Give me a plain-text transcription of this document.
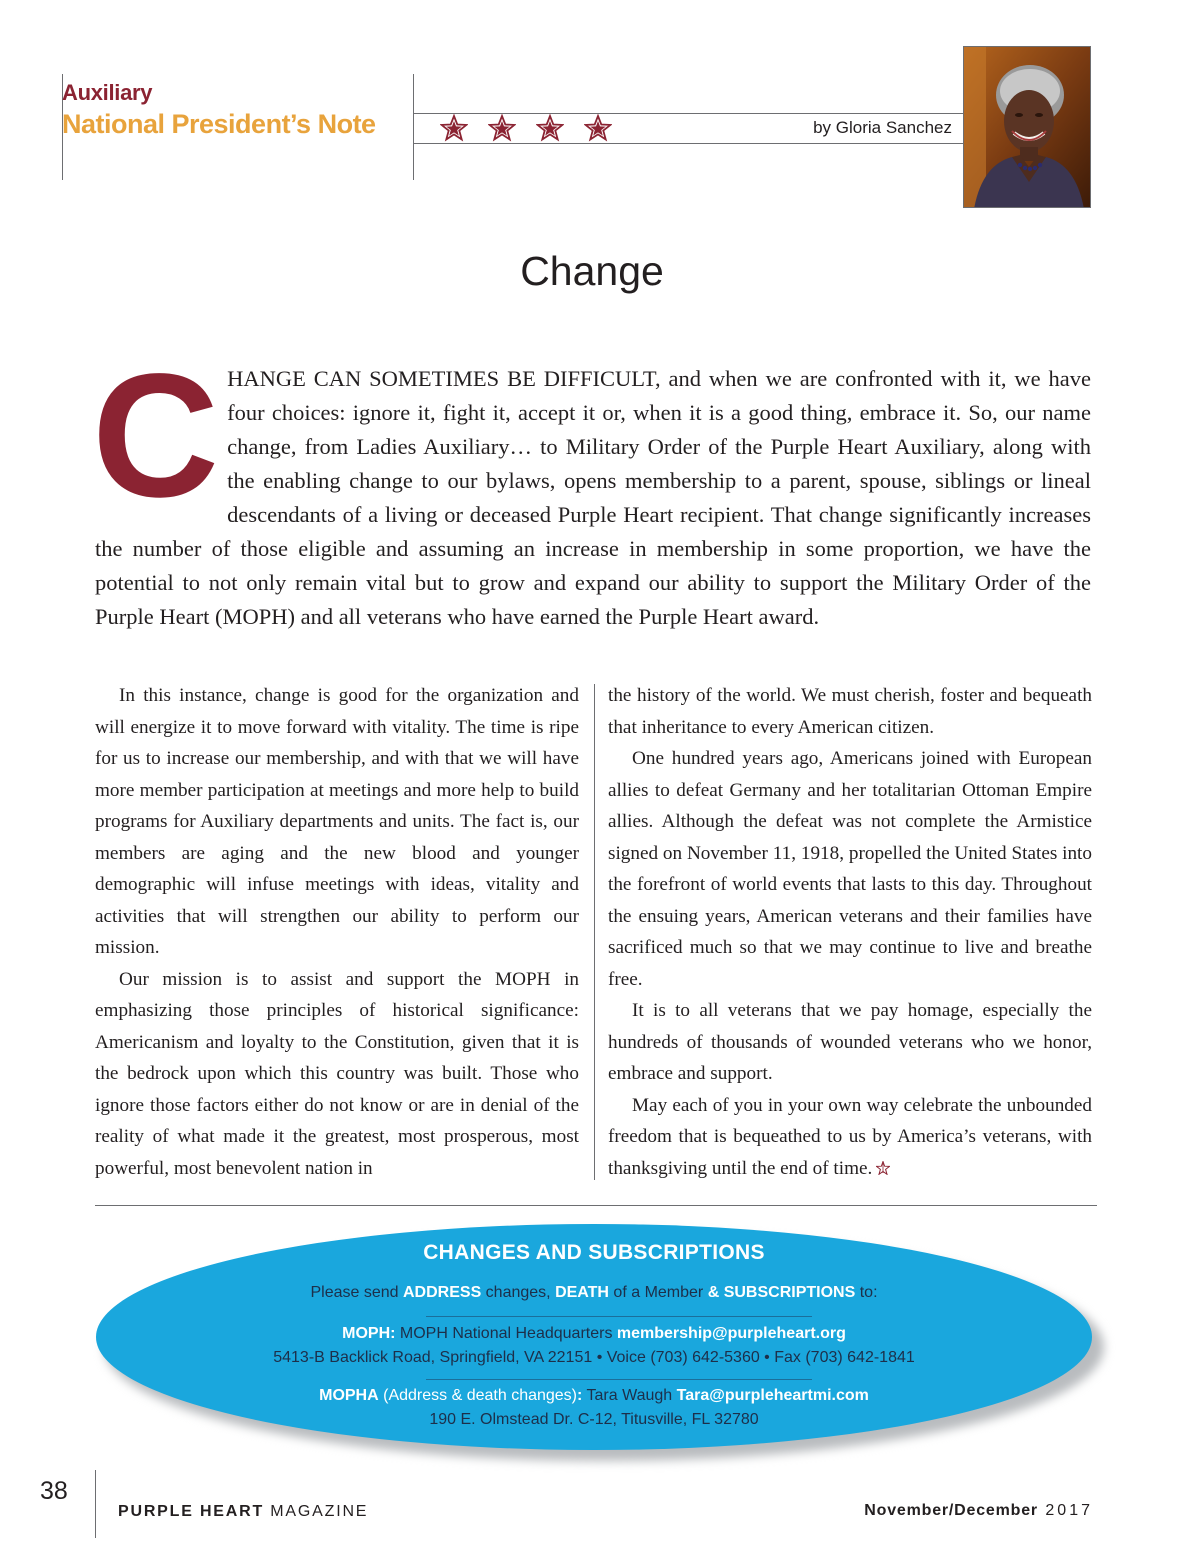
Auxiliary
National President’s Note	by Gloria Sanchez
Change
CHANGE CAN SOMETIMES BE DIFFICULT, and when we are confronted with it, we have four choices: ignore it, fight it, accept it or, when it is a good thing, embrace it. So, our name change, from Ladies Auxiliary… to Military Order of the Purple Heart Auxiliary, along with the enabling change to our bylaws, opens membership to a parent, spouse, siblings or lineal descendants of a living or deceased Purple Heart recipient. That change significantly increases the number of those eligible and assuming an increase in membership in some proportion, we have the potential to not only remain vital but to grow and expand our ability to support the Military Order of the Purple Heart (MOPH) and all veterans who have earned the Purple Heart award.

In this instance, change is good for the organization and will energize it to move forward with vitality. The time is ripe for us to increase our membership, and with that we will have more member participation at meetings and more help to build programs for Auxiliary departments and units. The fact is, our members are aging and the new blood and younger demographic will infuse meetings with ideas, vitality and activities that will strengthen our ability to perform our mission.

Our mission is to assist and support the MOPH in emphasizing those principles of historical significance: Americanism and loyalty to the Constitution, given that it is the bedrock upon which this country was built. Those who ignore those factors either do not know or are in denial of the reality of what made it the greatest, most prosperous, most powerful, most benevolent nation in

the history of the world. We must cherish, foster and bequeath that inheritance to every American citizen.

One hundred years ago, Americans joined with European allies to defeat Germany and her totalitarian Ottoman Empire allies. Although the defeat was not complete the Armistice signed on November 11, 1918, propelled the United States into the forefront of world events that lasts to this day. Throughout the ensuing years, American veterans and their families have sacrificed much so that we may continue to live and breathe free.

It is to all veterans that we pay homage, especially the hundreds of thousands of wounded veterans who we honor, embrace and support.

May each of you in your own way celebrate the unbounded freedom that is bequeathed to us by America’s veterans, with thanksgiving until the end of time.

CHANGES AND SUBSCRIPTIONS
Please send ADDRESS changes, DEATH of a Member & SUBSCRIPTIONS to:
MOPH: MOPH National Headquarters membership@purpleheart.org
5413-B Backlick Road, Springfield, VA 22151 • Voice (703) 642-5360 • Fax (703) 642-1841
MOPHA (Address & death changes): Tara Waugh Tara@purpleheartmi.com
190 E. Olmstead Dr. C-12, Titusville, FL 32780
38
PURPLE HEART MAGAZINE	November/December 2017
